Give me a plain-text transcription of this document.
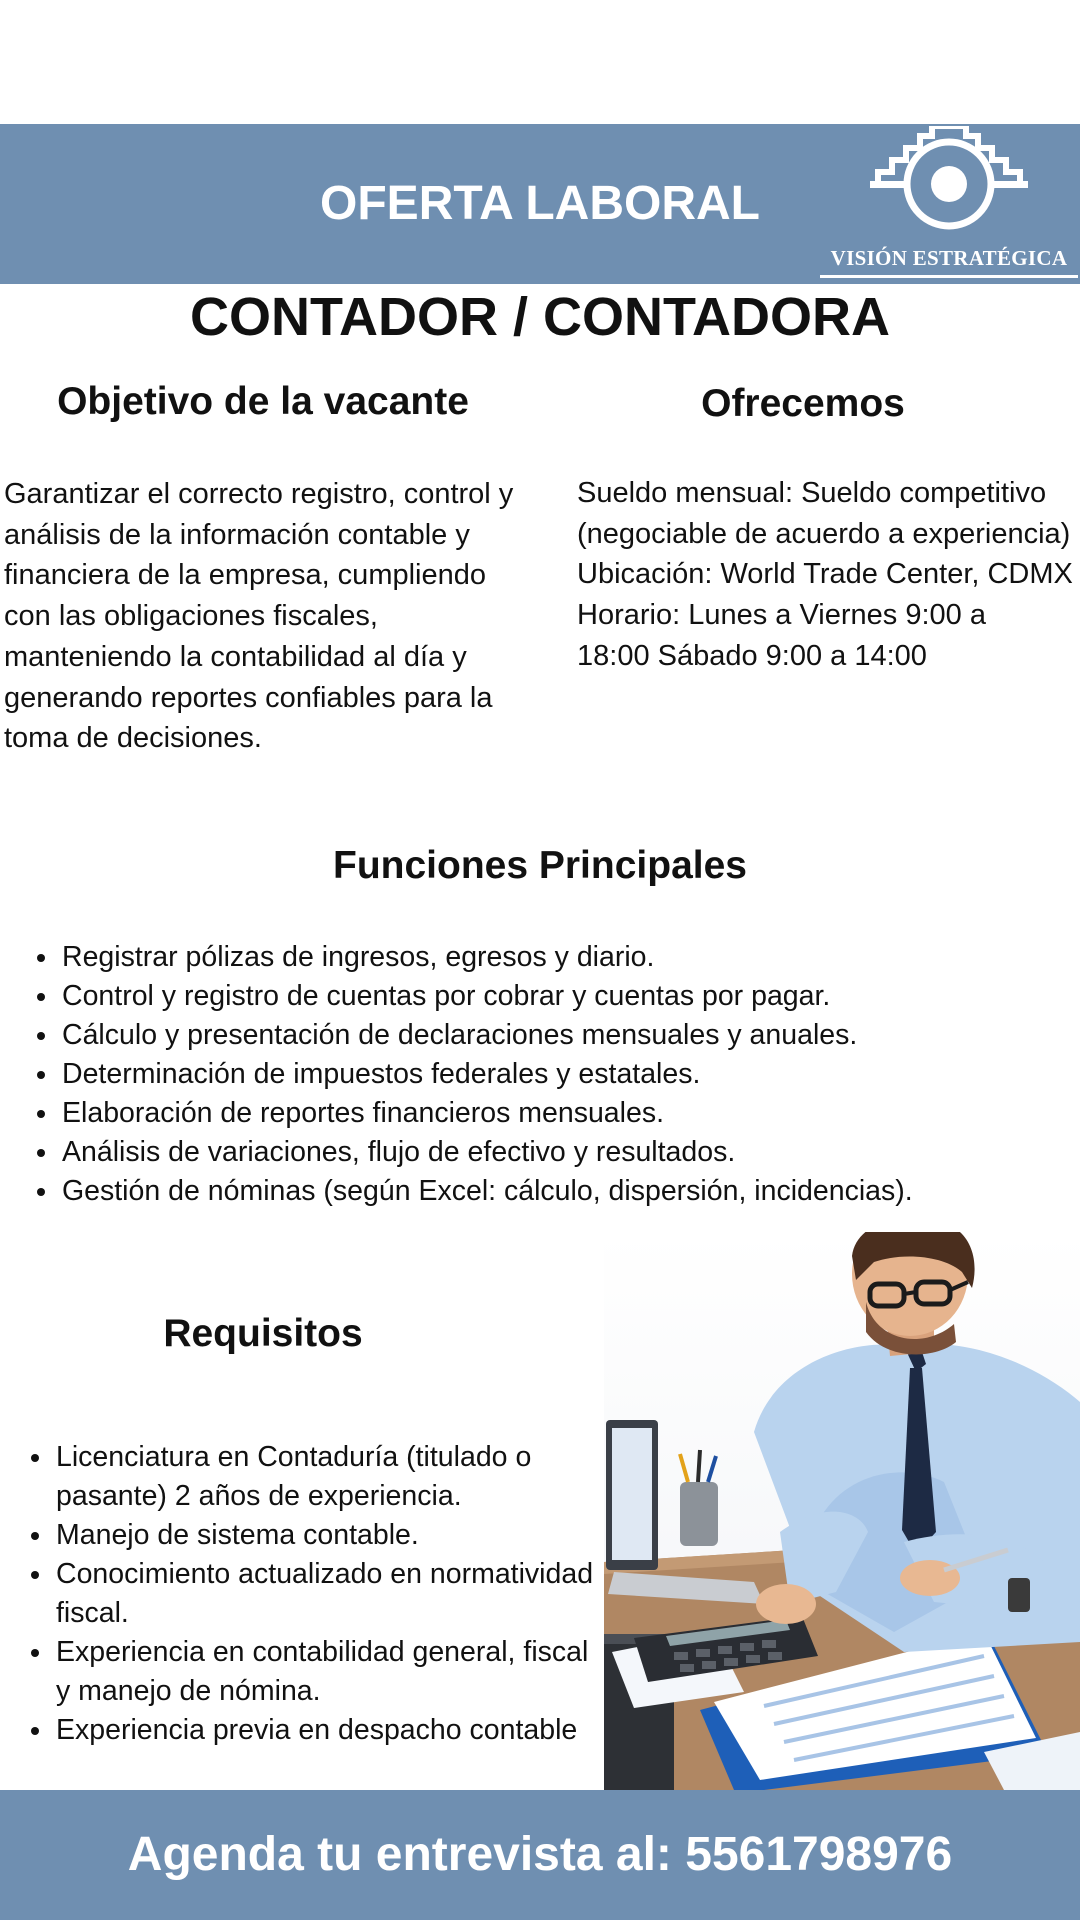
OFERTA LABORAL
VISIÓN ESTRATÉGICA
CONTADOR / CONTADORA
Objetivo de la vacante

Garantizar el correcto registro, control y análisis de la información contable y financiera de la empresa, cumpliendo con las obligaciones fiscales, manteniendo la contabilidad al día y generando reportes confiables para la toma de decisiones.

Ofrecemos

Sueldo mensual: Sueldo competitivo (negociable de acuerdo a experiencia)

Ubicación: World Trade Center, CDMX

Horario: Lunes a Viernes 9:00 a 18:00 Sábado 9:00 a 14:00

Funciones Principales
• Registrar pólizas de ingresos, egresos y diario.
• Control y registro de cuentas por cobrar y cuentas por pagar.
• Cálculo y presentación de declaraciones mensuales y anuales.
• Determinación de impuestos federales y estatales.
• Elaboración de reportes financieros mensuales.
• Análisis de variaciones, flujo de efectivo y resultados.
• Gestión de nóminas (según Excel: cálculo, dispersión, incidencias).
Requisitos
• Licenciatura en Contaduría (titulado o pasante) 2 años de experiencia.
• Manejo de sistema contable.
• Conocimiento actualizado en normatividad fiscal.
• Experiencia en contabilidad general, fiscal y manejo de nómina.
• Experiencia previa en despacho contable
Agenda tu entrevista al: 5561798976
